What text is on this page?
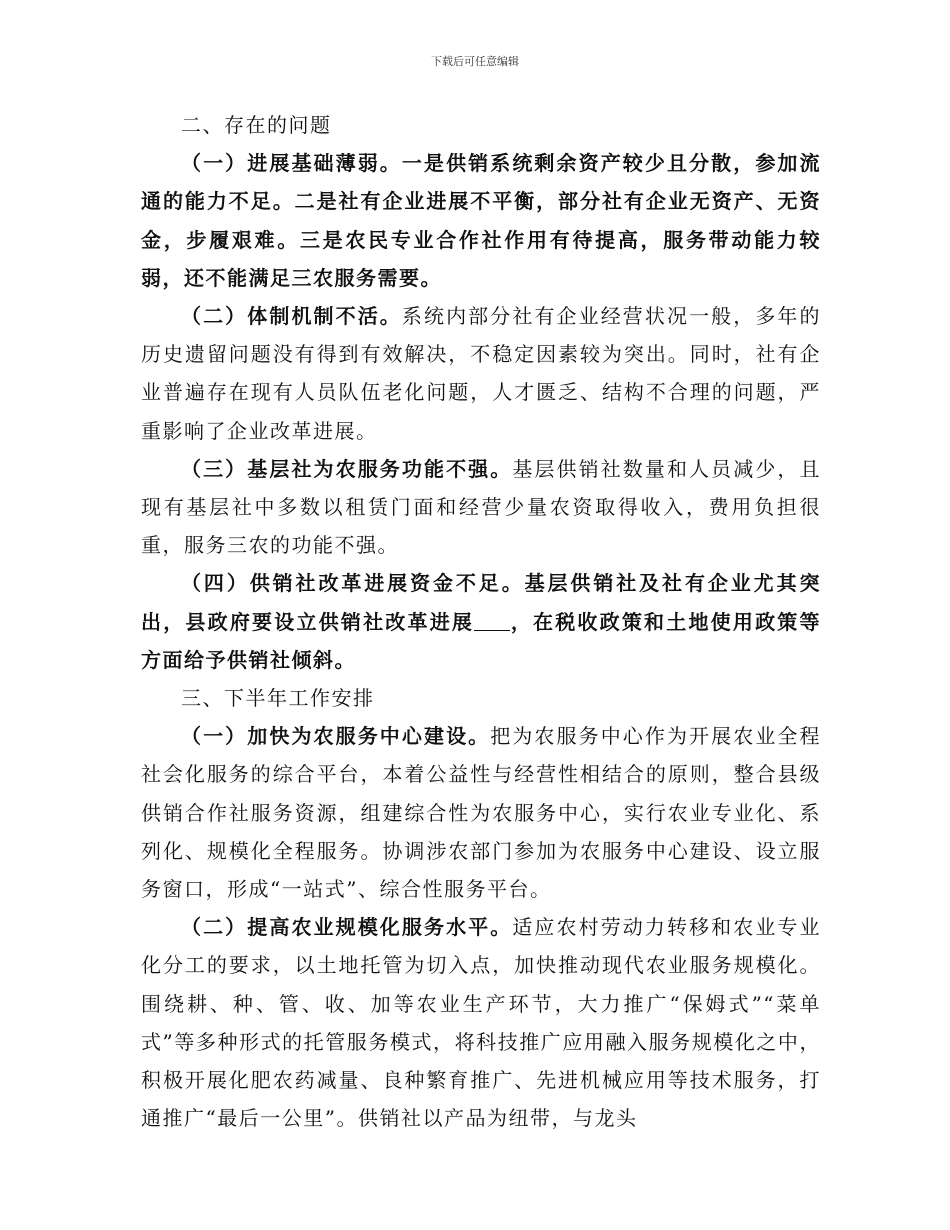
下载后可任意编辑

二、存在的问题

（一）进展基础薄弱。一是供销系统剩余资产较少且分散，参加流通的能力不足。二是社有企业进展不平衡，部分社有企业无资产、无资金，步履艰难。三是农民专业合作社作用有待提高，服务带动能力较弱，还不能满足三农服务需要。

（二）体制机制不活。系统内部分社有企业经营状况一般，多年的历史遗留问题没有得到有效解决，不稳定因素较为突出。同时，社有企业普遍存在现有人员队伍老化问题，人才匮乏、结构不合理的问题，严重影响了企业改革进展。

（三）基层社为农服务功能不强。基层供销社数量和人员减少，且现有基层社中多数以租赁门面和经营少量农资取得收入，费用负担很重，服务三农的功能不强。

（四）供销社改革进展资金不足。基层供销社及社有企业尤其突出，县政府要设立供销社改革进展 ，在税收政策和土地使用政策等方面给予供销社倾斜。

三、下半年工作安排

（一）加快为农服务中心建设。把为农服务中心作为开展农业全程社会化服务的综合平台，本着公益性与经营性相结合的原则，整合县级供销合作社服务资源，组建综合性为农服务中心，实行农业专业化、系列化、规模化全程服务。协调涉农部门参加为农服务中心建设、设立服务窗口，形成“一站式”、综合性服务平台。

（二）提高农业规模化服务水平。适应农村劳动力转移和农业专业化分工的要求，以土地托管为切入点，加快推动现代农业服务规模化。围绕耕、种、管、收、加等农业生产环节，大力推广“保姆式”“菜单式”等多种形式的托管服务模式，将科技推广应用融入服务规模化之中，积极开展化肥农药减量、良种繁育推广、先进机械应用等技术服务，打通推广“最后一公里”。供销社以产品为纽带，与龙头
